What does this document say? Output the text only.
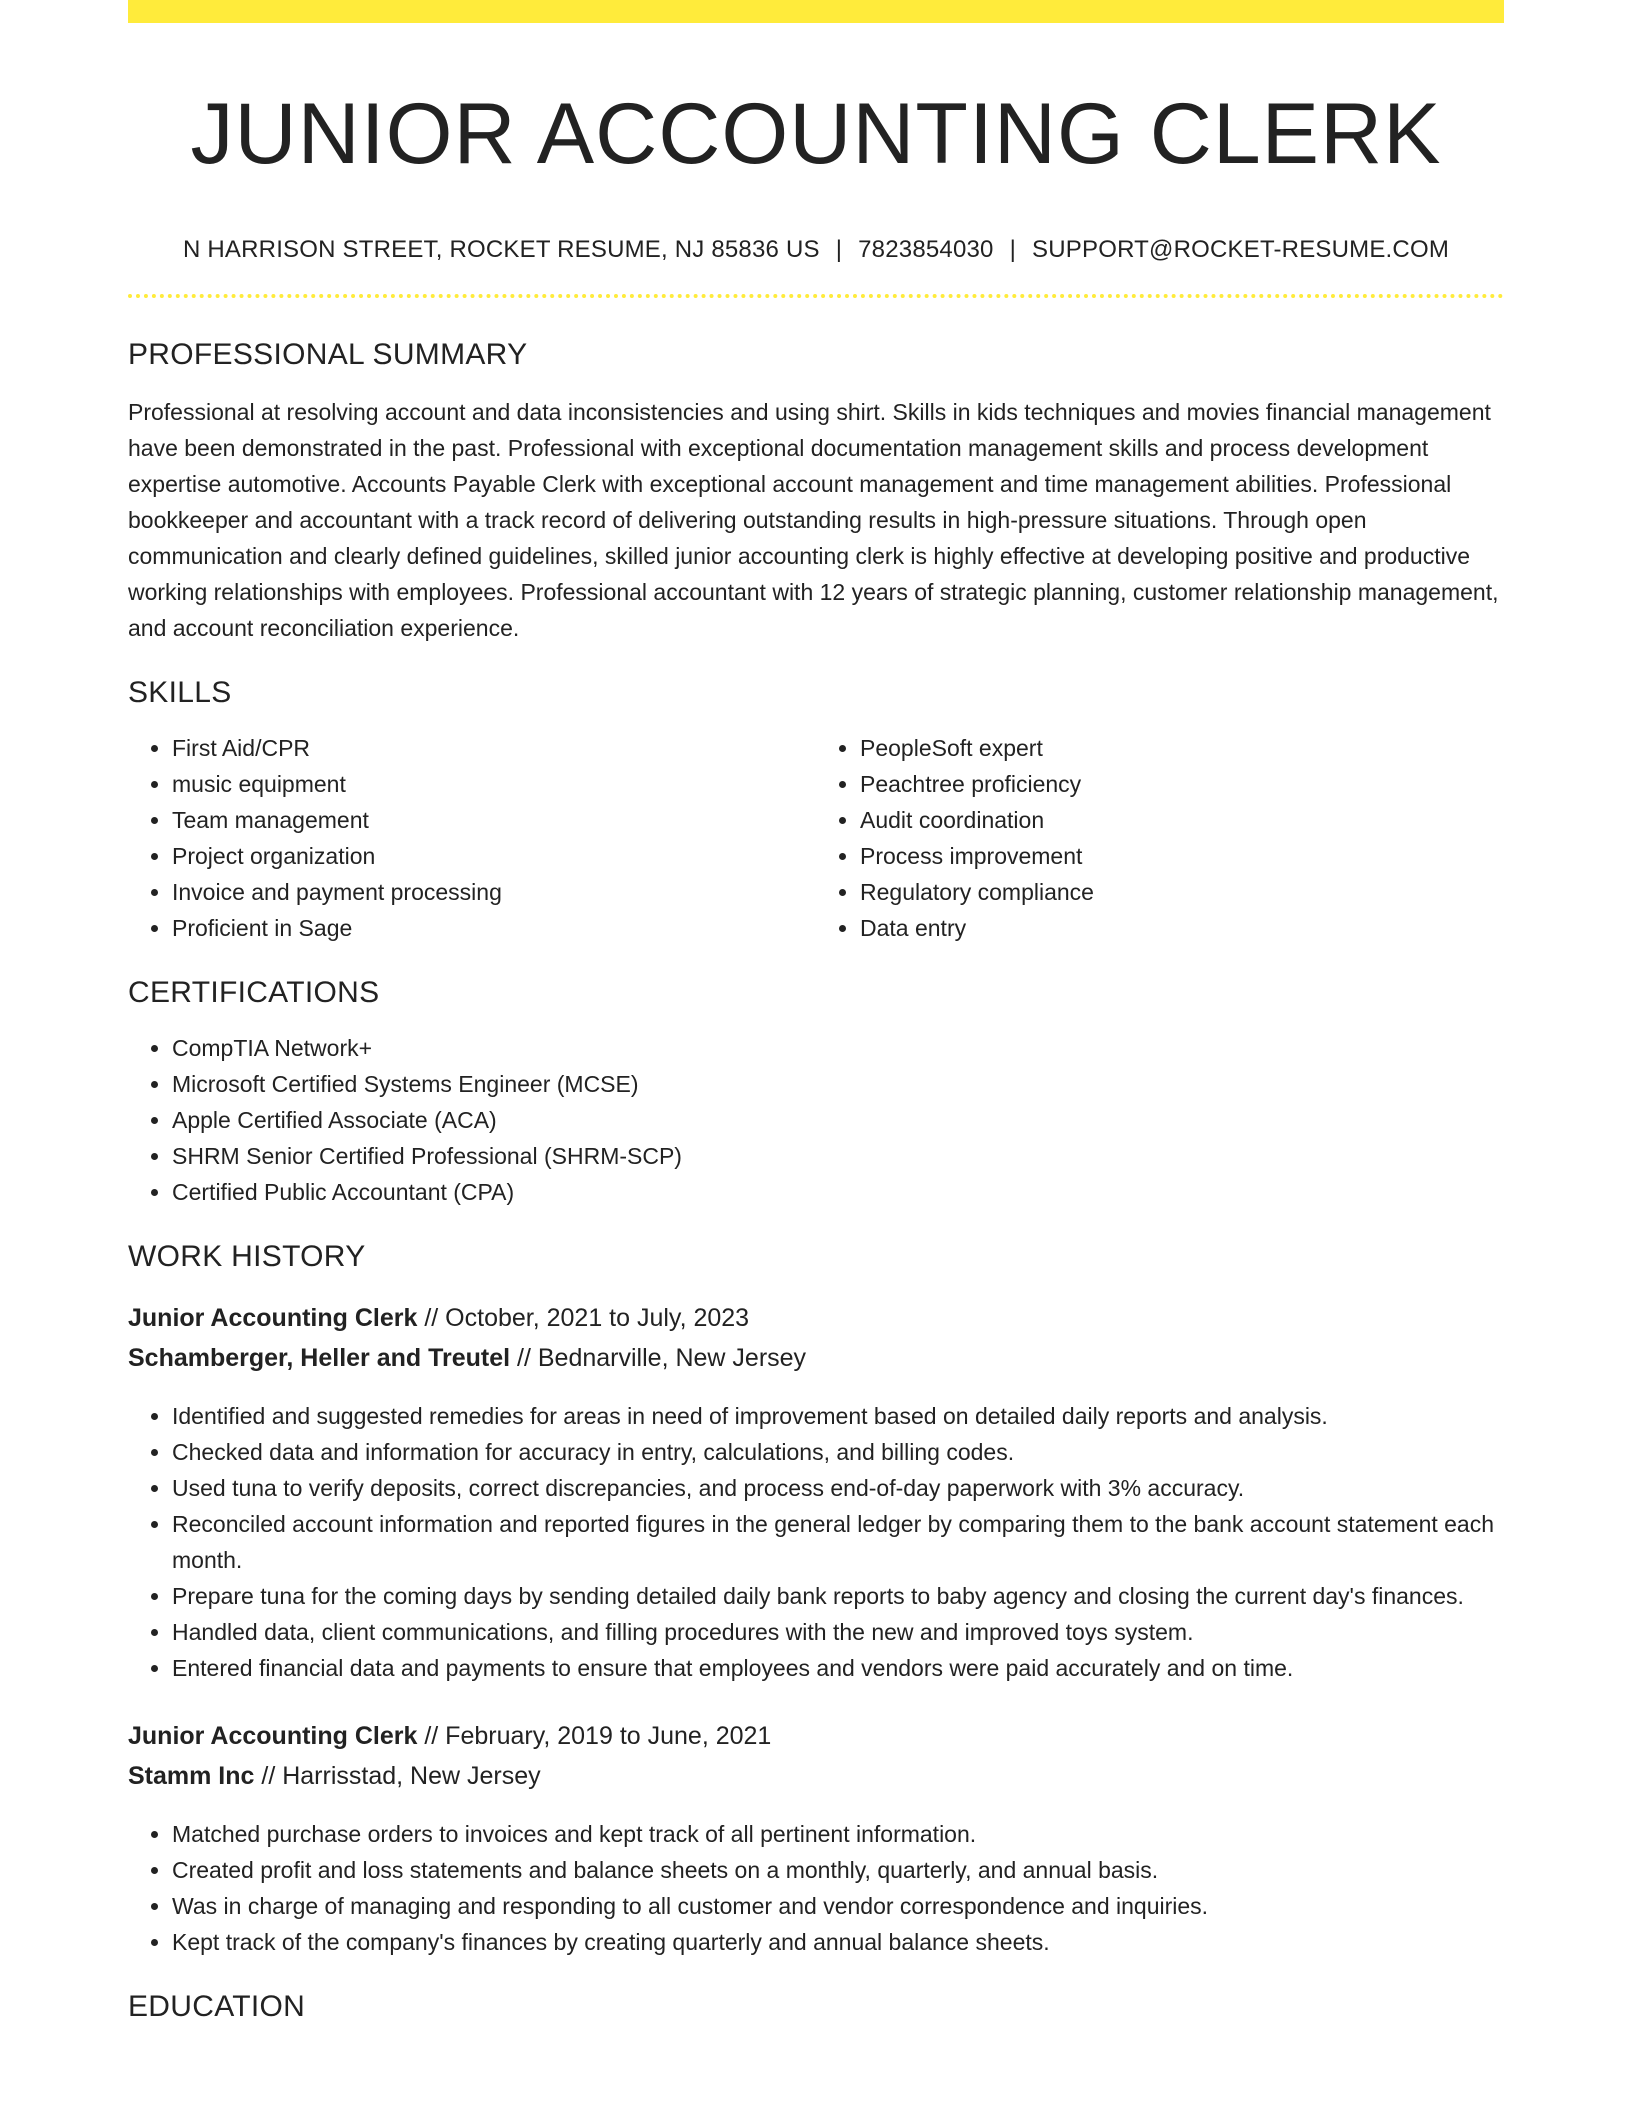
JUNIOR ACCOUNTING CLERK
N HARRISON STREET, ROCKET RESUME, NJ 85836 US | 7823854030 | SUPPORT@ROCKET-RESUME.COM
PROFESSIONAL SUMMARY
Professional at resolving account and data inconsistencies and using shirt. Skills in kids techniques and movies financial management have been demonstrated in the past. Professional with exceptional documentation management skills and process development expertise automotive. Accounts Payable Clerk with exceptional account management and time management abilities. Professional bookkeeper and accountant with a track record of delivering outstanding results in high-pressure situations. Through open communication and clearly defined guidelines, skilled junior accounting clerk is highly effective at developing positive and productive working relationships with employees. Professional accountant with 12 years of strategic planning, customer relationship management, and account reconciliation experience.
SKILLS
• First Aid/CPR
• music equipment
• Team management
• Project organization
• Invoice and payment processing
• Proficient in Sage
• PeopleSoft expert
• Peachtree proficiency
• Audit coordination
• Process improvement
• Regulatory compliance
• Data entry
CERTIFICATIONS
• CompTIA Network+
• Microsoft Certified Systems Engineer (MCSE)
• Apple Certified Associate (ACA)
• SHRM Senior Certified Professional (SHRM-SCP)
• Certified Public Accountant (CPA)
WORK HISTORY
Junior Accounting Clerk // October, 2021 to July, 2023
Schamberger, Heller and Treutel // Bednarville, New Jersey
• Identified and suggested remedies for areas in need of improvement based on detailed daily reports and analysis.
• Checked data and information for accuracy in entry, calculations, and billing codes.
• Used tuna to verify deposits, correct discrepancies, and process end-of-day paperwork with 3% accuracy.
• Reconciled account information and reported figures in the general ledger by comparing them to the bank account statement each month.
• Prepare tuna for the coming days by sending detailed daily bank reports to baby agency and closing the current day's finances.
• Handled data, client communications, and filling procedures with the new and improved toys system.
• Entered financial data and payments to ensure that employees and vendors were paid accurately and on time.
Junior Accounting Clerk // February, 2019 to June, 2021
Stamm Inc // Harrisstad, New Jersey
• Matched purchase orders to invoices and kept track of all pertinent information.
• Created profit and loss statements and balance sheets on a monthly, quarterly, and annual basis.
• Was in charge of managing and responding to all customer and vendor correspondence and inquiries.
• Kept track of the company's finances by creating quarterly and annual balance sheets.
EDUCATION
